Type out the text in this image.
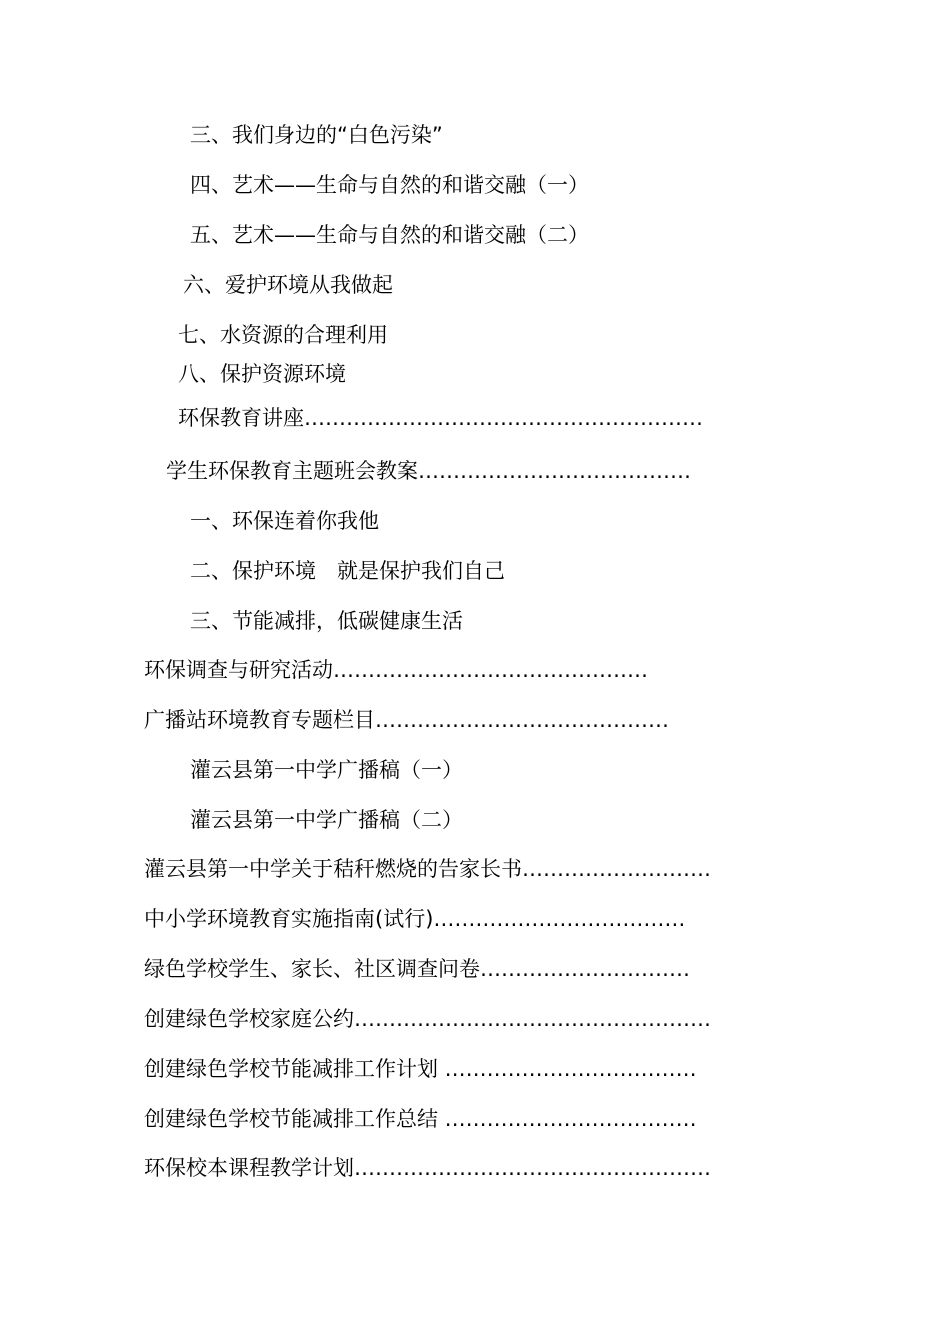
三、我们身边的“白色污染”
四、艺术——生命与自然的和谐交融（一）
五、艺术——生命与自然的和谐交融（二）
六、爱护环境从我做起
七、水资源的合理利用
八、保护资源环境
环保教育讲座…………………………………………………
学生环保教育主题班会教案…………………………………
一、环保连着你我他
二、保护环境　就是保护我们自己
三、节能减排，低碳健康生活
环保调查与研究活动………………………………………
广播站环境教育专题栏目……………………………………
灌云县第一中学广播稿（一）
灌云县第一中学广播稿（二）
灌云县第一中学关于秸秆燃烧的告家长书………………………
中小学环境教育实施指南(试行)………………………………
绿色学校学生、家长、社区调查问卷…………………………
创建绿色学校家庭公约……………………………………………
创建绿色学校节能减排工作计划 ………………………………
创建绿色学校节能减排工作总结 ………………………………
环保校本课程教学计划……………………………………………
